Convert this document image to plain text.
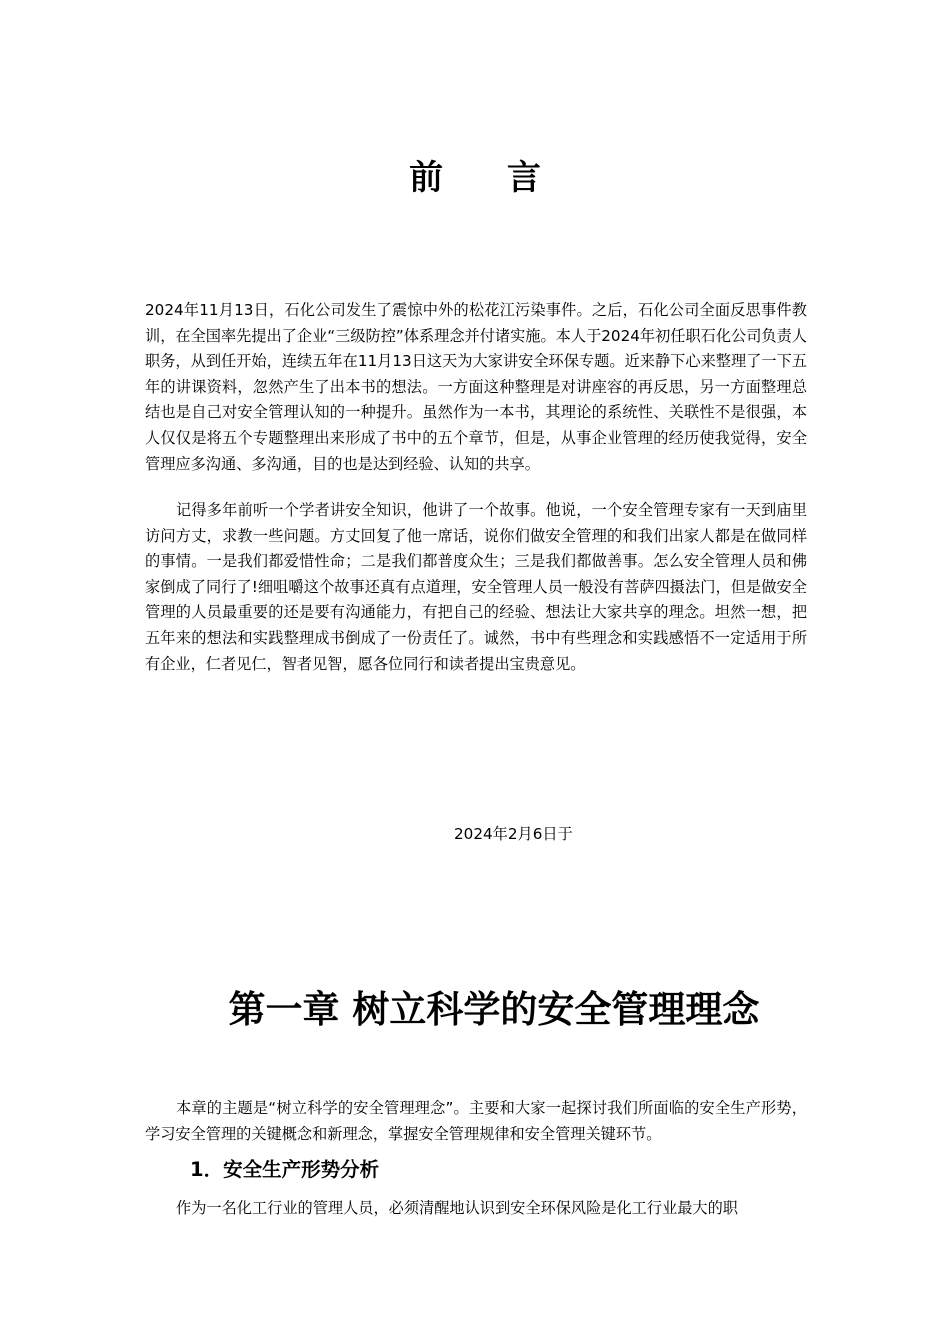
前 言

2024年11月13日，石化公司发生了震惊中外的松花江污染事件。之后，石化公司全面反思事件教训，在全国率先提出了企业“三级防控”体系理念并付诸实施。本人于2024年初任职石化公司负责人职务，从到任开始，连续五年在11月13日这天为大家讲安全环保专题。近来静下心来整理了一下五年的讲课资料，忽然产生了出本书的想法。一方面这种整理是对讲座容的再反思，另一方面整理总结也是自己对安全管理认知的一种提升。虽然作为一本书，其理论的系统性、关联性不是很强，本人仅仅是将五个专题整理出来形成了书中的五个章节，但是，从事企业管理的经历使我觉得，安全管理应多沟通、多沟通，目的也是达到经验、认知的共享。

记得多年前听一个学者讲安全知识，他讲了一个故事。他说，一个安全管理专家有一天到庙里访问方丈，求教一些问题。方丈回复了他一席话，说你们做安全管理的和我们出家人都是在做同样的事情。一是我们都爱惜性命；二是我们都普度众生；三是我们都做善事。怎么安全管理人员和佛家倒成了同行了!细咀嚼这个故事还真有点道理，安全管理人员一般没有菩萨四摄法门，但是做安全管理的人员最重要的还是要有沟通能力，有把自己的经验、想法让大家共享的理念。坦然一想，把五年来的想法和实践整理成书倒成了一份责任了。诚然，书中有些理念和实践感悟不一定适用于所有企业，仁者见仁，智者见智，愿各位同行和读者提出宝贵意见。

2024年2月6日于

第一章 树立科学的安全管理理念

本章的主题是“树立科学的安全管理理念”。主要和大家一起探讨我们所面临的安全生产形势，学习安全管理的关键概念和新理念，掌握安全管理规律和安全管理关键环节。

1．安全生产形势分析

作为一名化工行业的管理人员，必须清醒地认识到安全环保风险是化工行业最大的职
